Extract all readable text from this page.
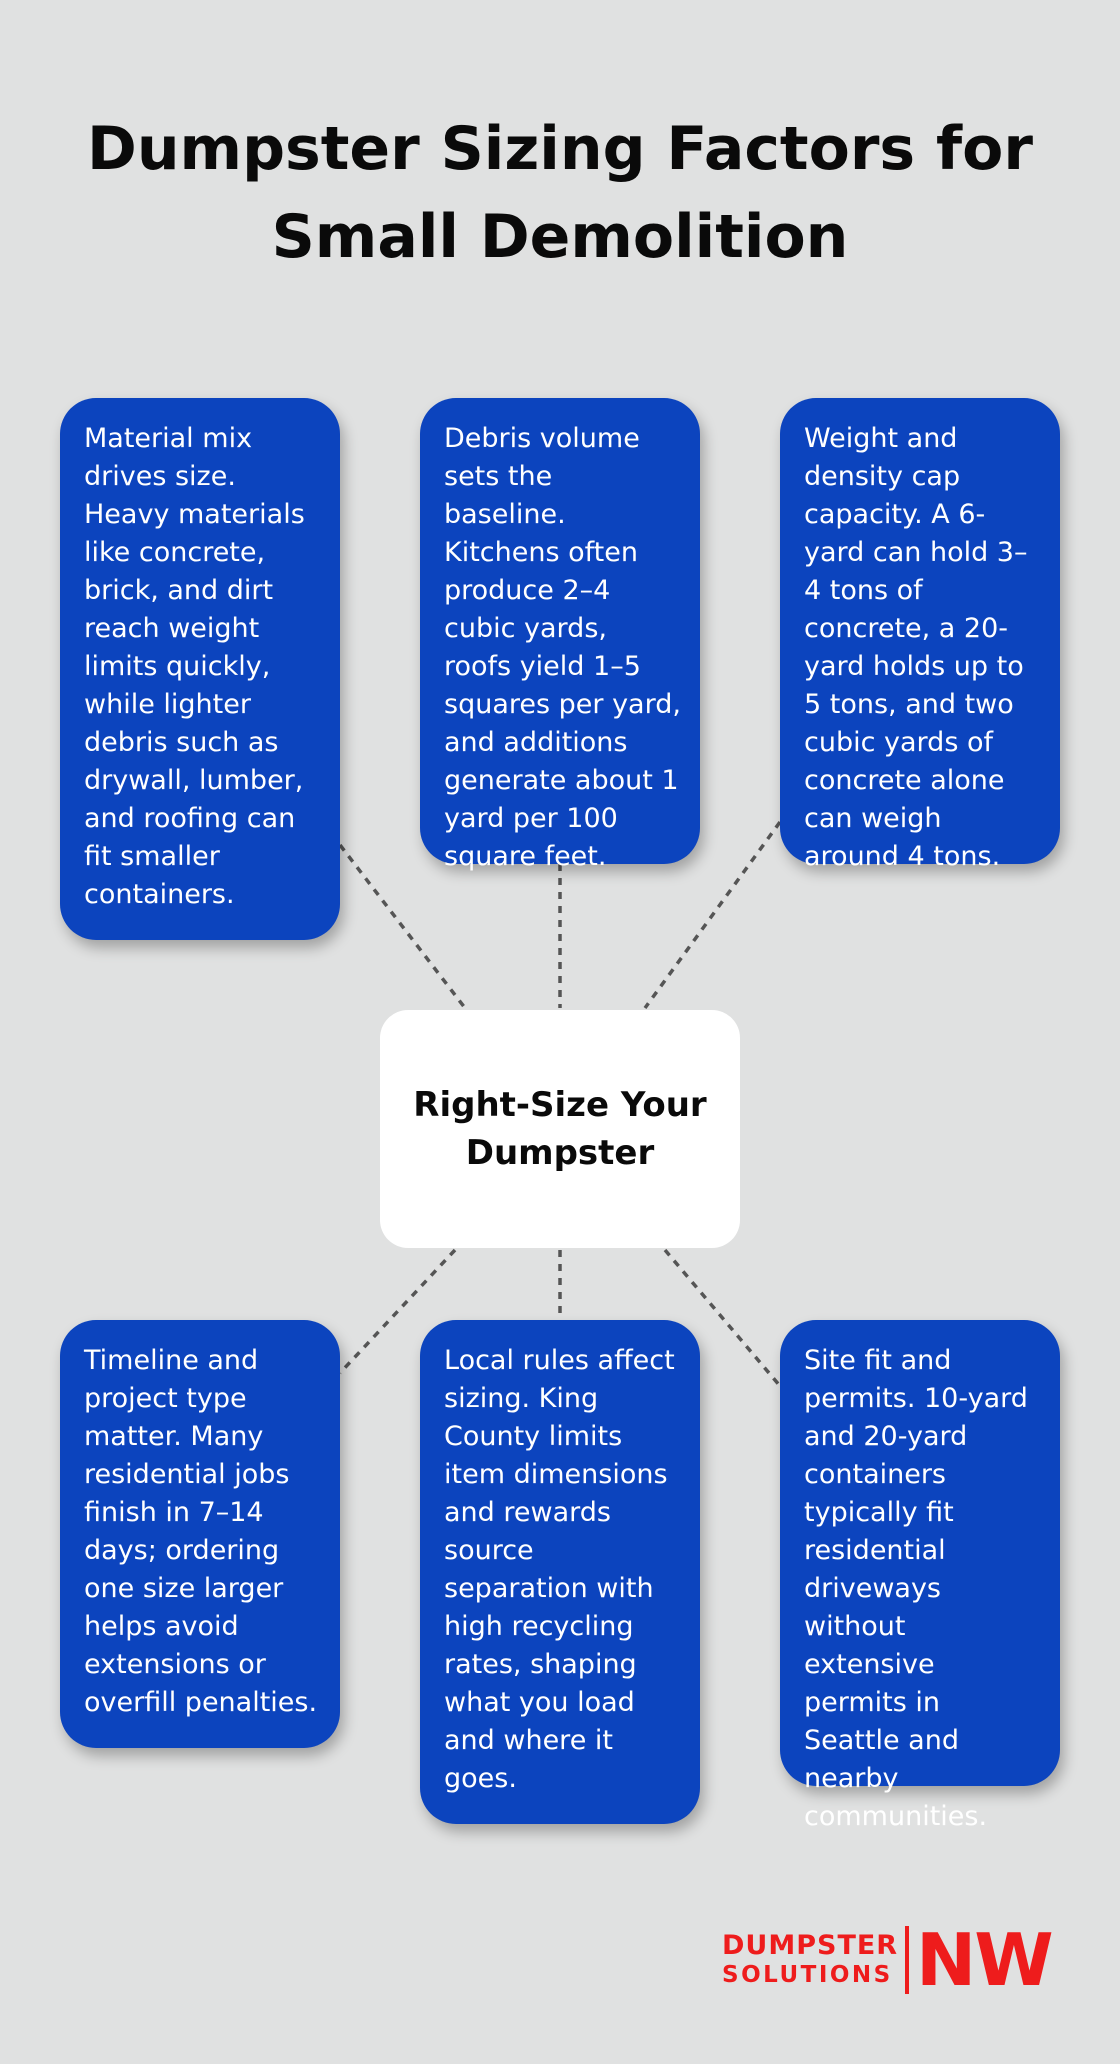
Dumpster Sizing Factors for
Small Demolition
Material mix drives size. Heavy materials like concrete, brick, and dirt reach weight limits quickly, while lighter debris such as drywall, lumber, and roofing can fit smaller containers.
Debris volume sets the baseline. Kitchens often produce 2–4 cubic yards, roofs yield 1–5 squares per yard, and additions generate about 1 yard per 100 square feet.
Weight and density cap capacity. A 6-yard can hold 3–4 tons of concrete, a 20-yard holds up to 5 tons, and two cubic yards of concrete alone can weigh around 4 tons.
Right-Size Your
Dumpster
Timeline and project type matter. Many residential jobs finish in 7–14 days; ordering one size larger helps avoid extensions or overfill penalties.
Local rules affect sizing. King County limits item dimensions and rewards source separation with high recycling rates, shaping what you load and where it goes.
Site fit and permits. 10-yard and 20-yard containers typically fit residential driveways without extensive permits in Seattle and nearby communities.
DUMPSTER
SOLUTIONS NW
